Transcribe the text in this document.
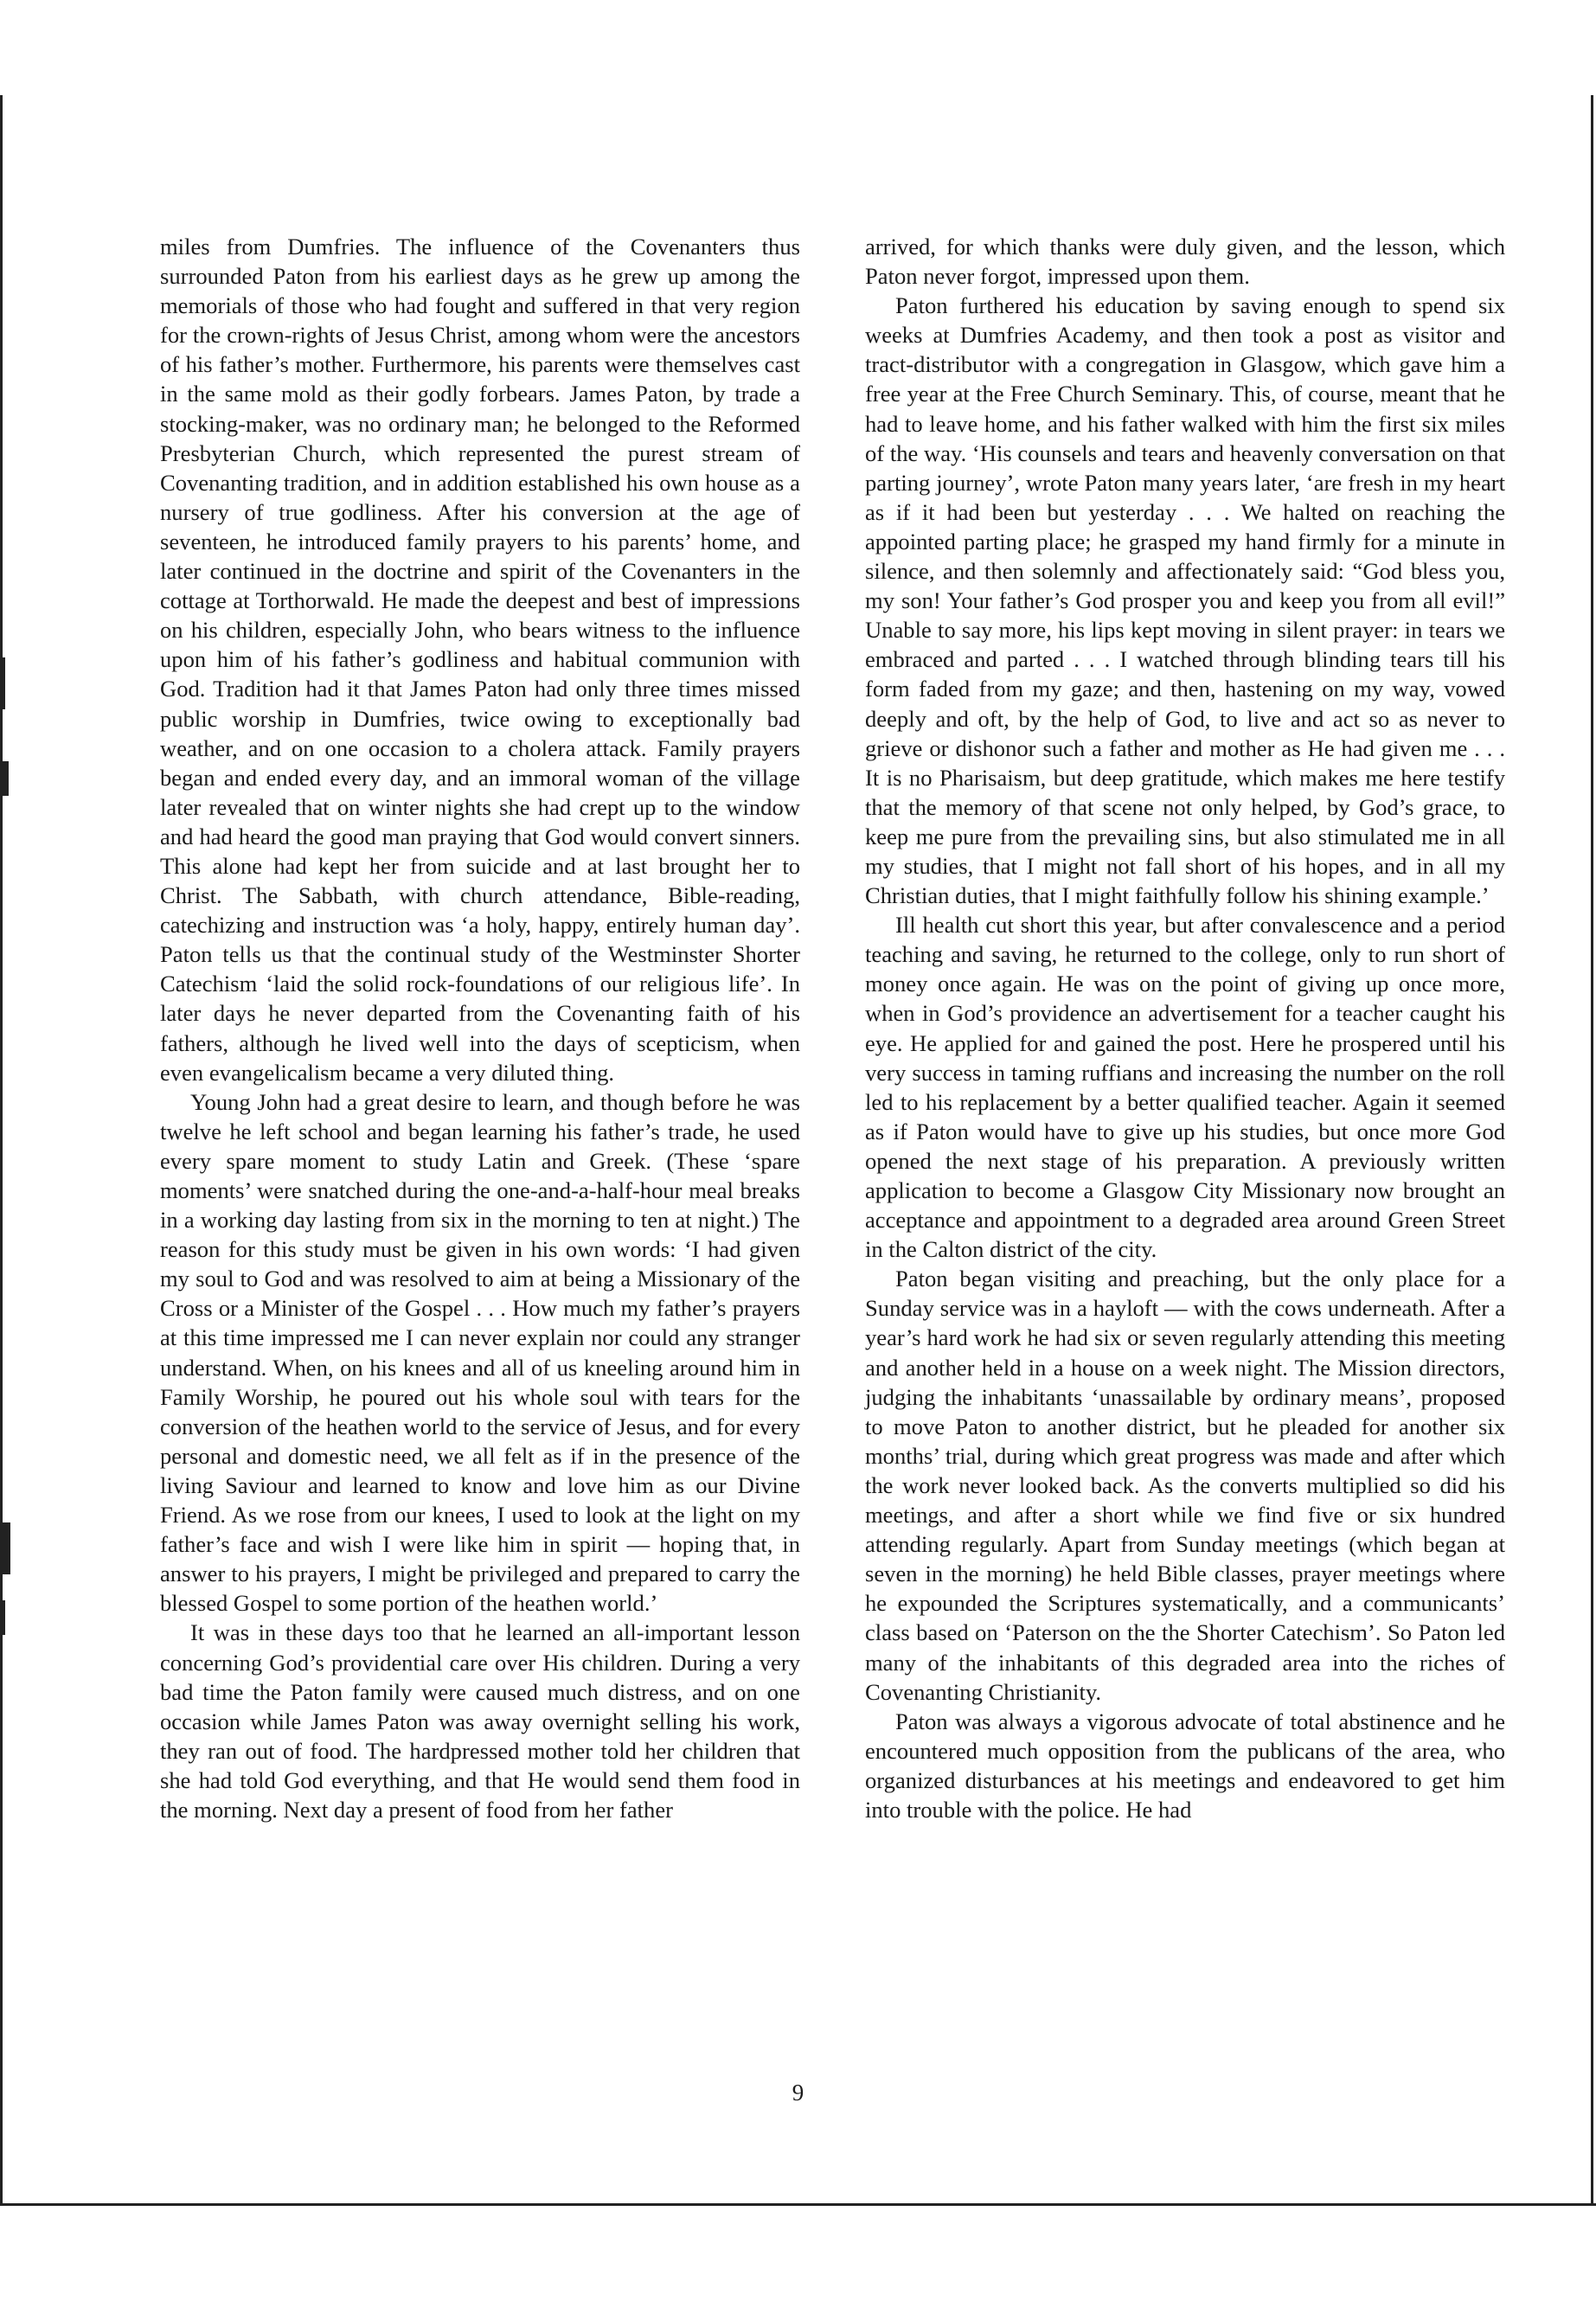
miles from Dumfries. The influence of the Covenanters thus surrounded Paton from his earliest days as he grew up among the memorials of those who had fought and suffered in that very region for the crown-rights of Jesus Christ, among whom were the ancestors of his father’s mother. Furthermore, his parents were themselves cast in the same mold as their godly forbears. James Paton, by trade a stocking-maker, was no ordinary man; he belonged to the Reformed Presbyterian Church, which represented the purest stream of Covenanting tradition, and in addition established his own house as a nursery of true godliness. After his conversion at the age of seventeen, he introduced family prayers to his parents’ home, and later continued in the doctrine and spirit of the Covenanters in the cottage at Torthorwald. He made the deepest and best of impressions on his children, especially John, who bears witness to the influence upon him of his father’s godliness and habitual communion with God. Tradition had it that James Paton had only three times missed public worship in Dumfries, twice owing to exceptionally bad weather, and on one occasion to a cholera attack. Family prayers began and ended every day, and an immoral woman of the village later revealed that on winter nights she had crept up to the window and had heard the good man praying that God would convert sinners. This alone had kept her from suicide and at last brought her to Christ. The Sabbath, with church attendance, Bible-reading, catechizing and instruction was ‘a holy, happy, entirely human day’. Paton tells us that the continual study of the Westminster Shorter Catechism ‘laid the solid rock-foundations of our religious life’. In later days he never departed from the Covenanting faith of his fathers, although he lived well into the days of scepticism, when even evangelicalism became a very diluted thing.

Young John had a great desire to learn, and though before he was twelve he left school and began learning his father’s trade, he used every spare moment to study Latin and Greek. (These ‘spare moments’ were snatched during the one-and-a-half-hour meal breaks in a working day lasting from six in the morning to ten at night.) The reason for this study must be given in his own words: ‘I had given my soul to God and was resolved to aim at being a Missionary of the Cross or a Minister of the Gospel . . . How much my father’s prayers at this time impressed me I can never explain nor could any stranger understand. When, on his knees and all of us kneeling around him in Family Worship, he poured out his whole soul with tears for the conversion of the heathen world to the service of Jesus, and for every personal and domestic need, we all felt as if in the presence of the living Saviour and learned to know and love him as our Divine Friend. As we rose from our knees, I used to look at the light on my father’s face and wish I were like him in spirit — hoping that, in answer to his prayers, I might be privileged and prepared to carry the blessed Gospel to some portion of the heathen world.’

It was in these days too that he learned an all-important lesson concerning God’s providential care over His children. During a very bad time the Paton family were caused much distress, and on one occasion while James Paton was away overnight selling his work, they ran out of food. The hardpressed mother told her children that she had told God everything, and that He would send them food in the morning. Next day a present of food from her father

arrived, for which thanks were duly given, and the lesson, which Paton never forgot, impressed upon them.

Paton furthered his education by saving enough to spend six weeks at Dumfries Academy, and then took a post as visitor and tract-distributor with a congregation in Glasgow, which gave him a free year at the Free Church Seminary. This, of course, meant that he had to leave home, and his father walked with him the first six miles of the way. ‘His counsels and tears and heavenly conversation on that parting journey’, wrote Paton many years later, ‘are fresh in my heart as if it had been but yesterday . . . We halted on reaching the appointed parting place; he grasped my hand firmly for a minute in silence, and then solemnly and affectionately said: “God bless you, my son! Your father’s God prosper you and keep you from all evil!” Unable to say more, his lips kept moving in silent prayer: in tears we embraced and parted . . . I watched through blinding tears till his form faded from my gaze; and then, hastening on my way, vowed deeply and oft, by the help of God, to live and act so as never to grieve or dishonor such a father and mother as He had given me . . . It is no Pharisaism, but deep gratitude, which makes me here testify that the memory of that scene not only helped, by God’s grace, to keep me pure from the prevailing sins, but also stimulated me in all my studies, that I might not fall short of his hopes, and in all my Christian duties, that I might faithfully follow his shining example.’

Ill health cut short this year, but after convalescence and a period teaching and saving, he returned to the college, only to run short of money once again. He was on the point of giving up once more, when in God’s providence an advertisement for a teacher caught his eye. He applied for and gained the post. Here he prospered until his very success in taming ruffians and increasing the number on the roll led to his replacement by a better qualified teacher. Again it seemed as if Paton would have to give up his studies, but once more God opened the next stage of his preparation. A previously written application to become a Glasgow City Missionary now brought an acceptance and appointment to a degraded area around Green Street in the Calton district of the city.

Paton began visiting and preaching, but the only place for a Sunday service was in a hayloft — with the cows underneath. After a year’s hard work he had six or seven regularly attending this meeting and another held in a house on a week night. The Mission directors, judging the inhabitants ‘unassailable by ordinary means’, proposed to move Paton to another district, but he pleaded for another six months’ trial, during which great progress was made and after which the work never looked back. As the converts multiplied so did his meetings, and after a short while we find five or six hundred attending regularly. Apart from Sunday meetings (which began at seven in the morning) he held Bible classes, prayer meetings where he expounded the Scriptures systematically, and a communicants’ class based on ‘Paterson on the the Shorter Catechism’. So Paton led many of the inhabitants of this degraded area into the riches of Covenanting Christianity.

Paton was always a vigorous advocate of total abstinence and he encountered much opposition from the publicans of the area, who organized disturbances at his meetings and endeavored to get him into trouble with the police. He had

9
